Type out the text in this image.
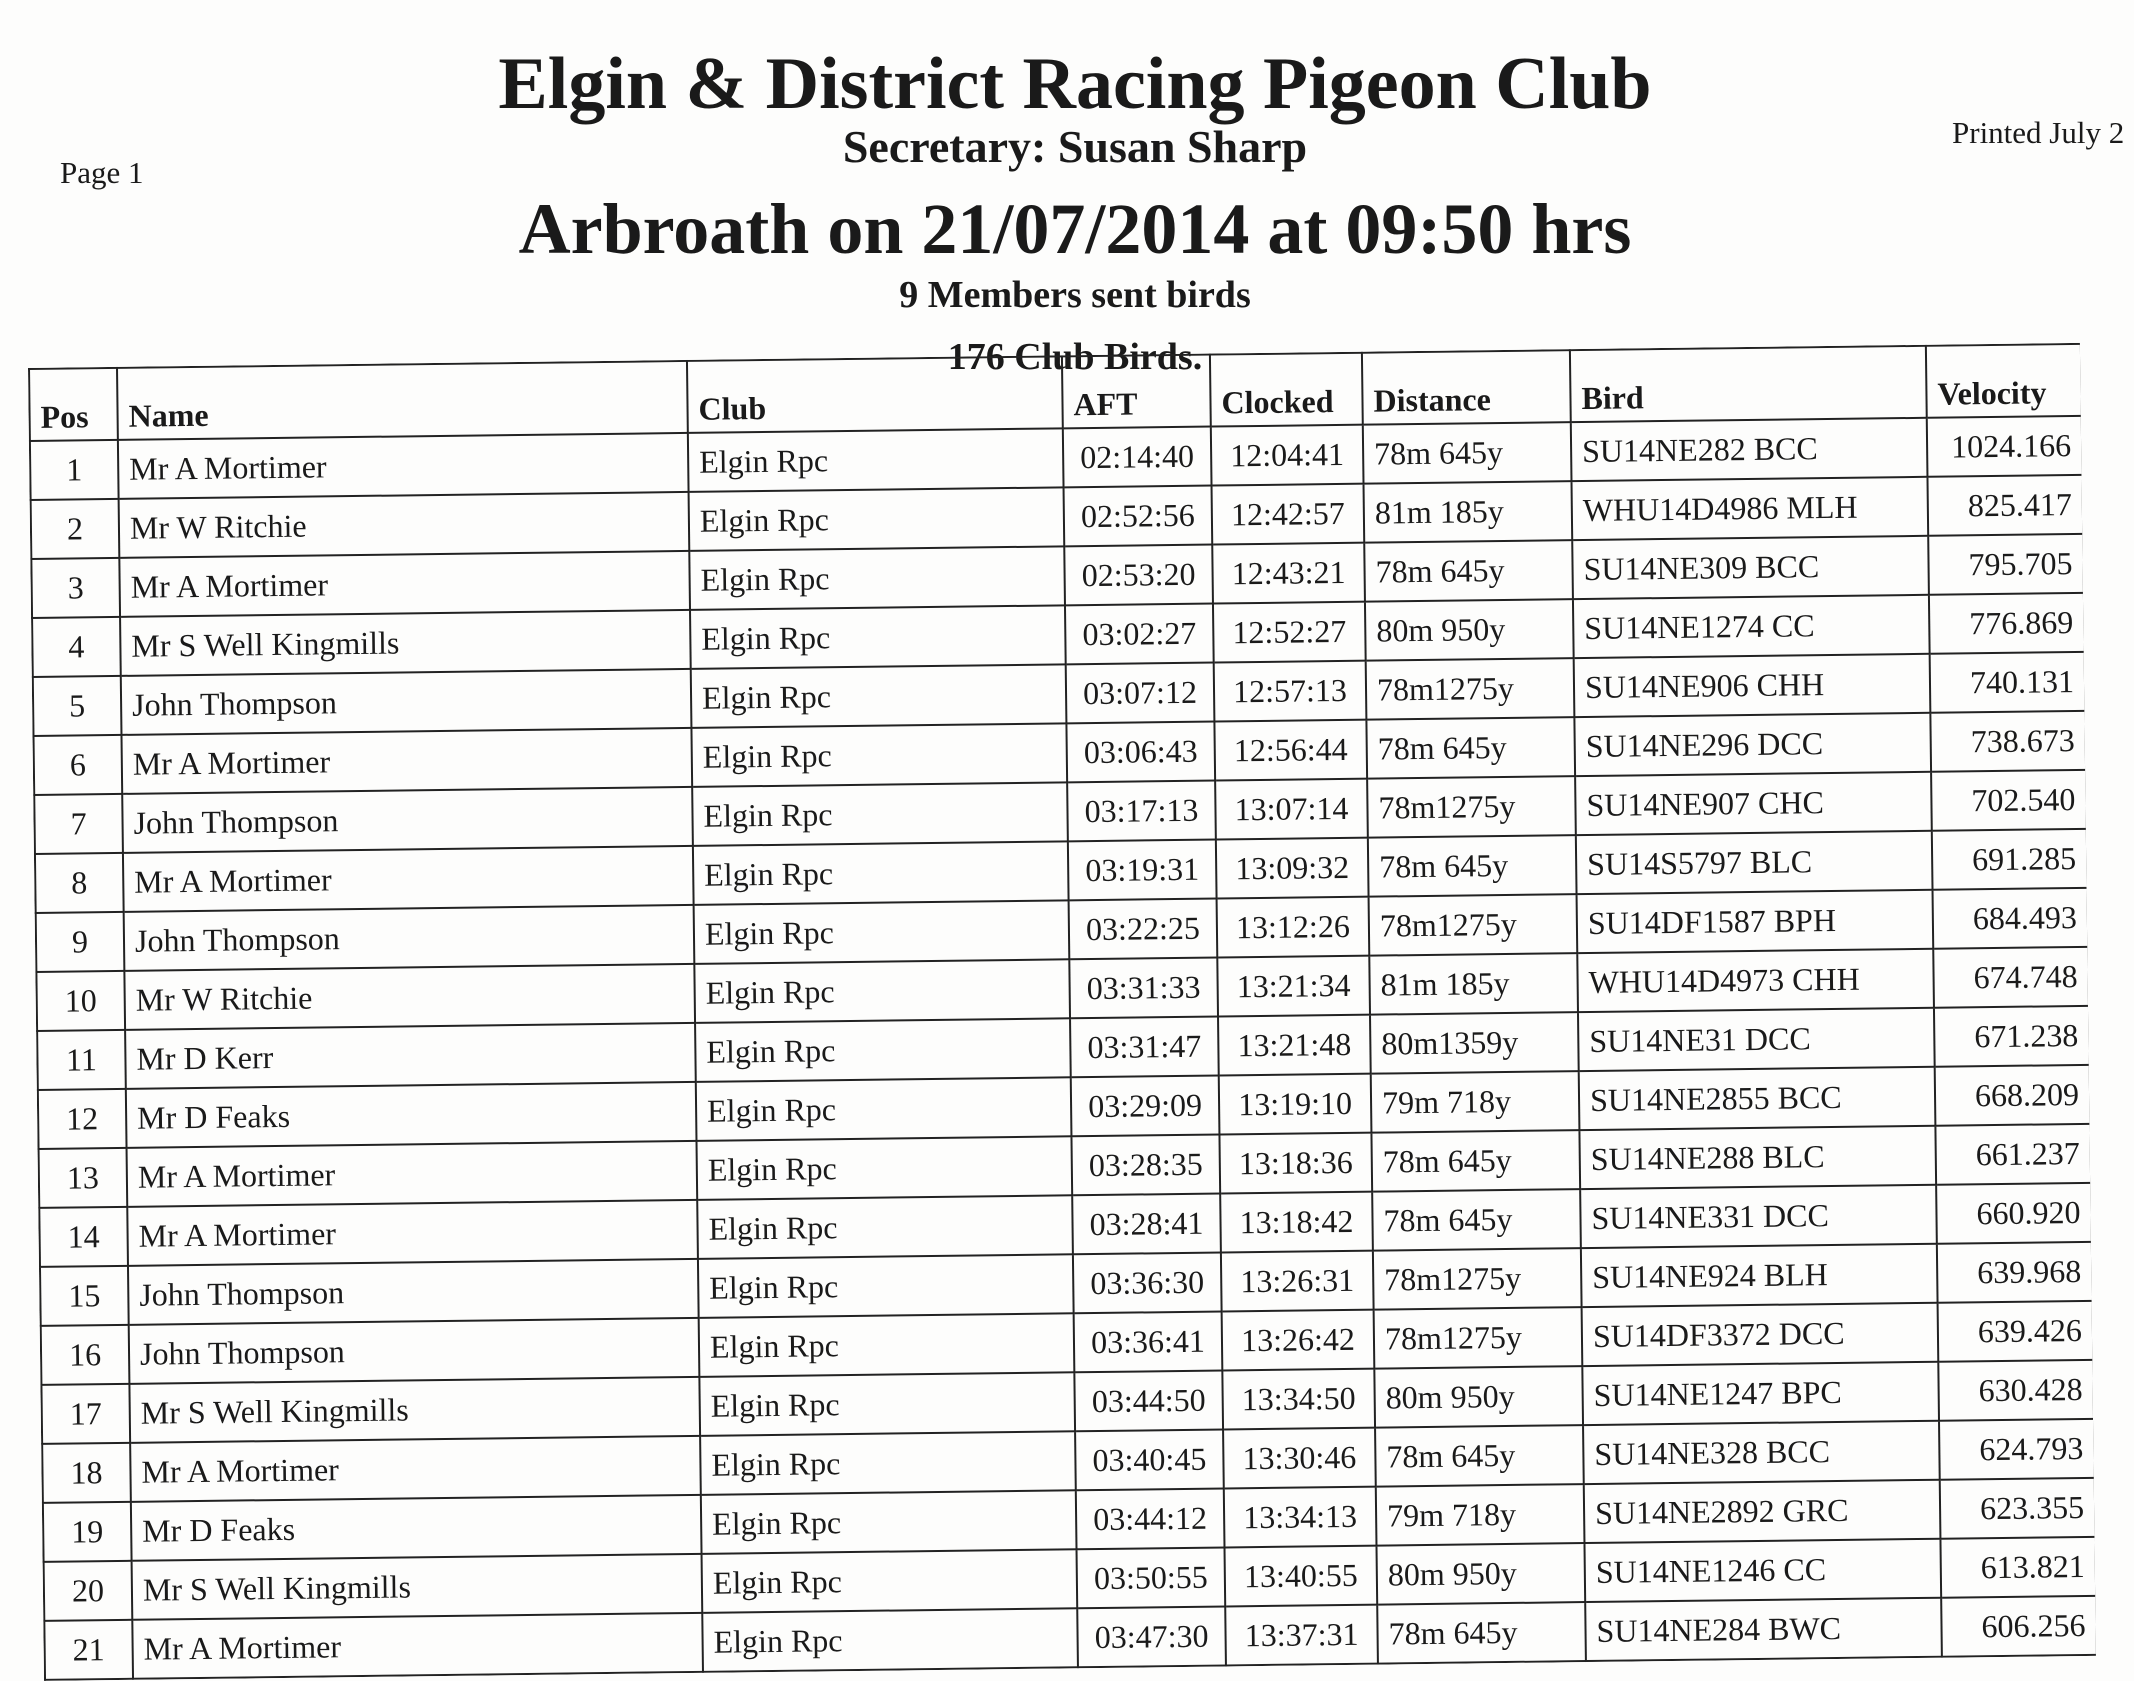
Page 1
Printed July 2
Elgin & District Racing Pigeon Club
Secretary: Susan Sharp
Arbroath on 21/07/2014 at 09:50 hrs
9 Members sent birds
176 Club Birds.
Pos	Name	Club	AFT	Clocked	Distance	Bird	Velocity
1	Mr A Mortimer	Elgin Rpc	02:14:40	12:04:41	78m 645y	SU14NE282 BCC	1024.166
2	Mr W Ritchie	Elgin Rpc	02:52:56	12:42:57	81m 185y	WHU14D4986 MLH	825.417
3	Mr A Mortimer	Elgin Rpc	02:53:20	12:43:21	78m 645y	SU14NE309 BCC	795.705
4	Mr S Well Kingmills	Elgin Rpc	03:02:27	12:52:27	80m 950y	SU14NE1274 CC	776.869
5	John Thompson	Elgin Rpc	03:07:12	12:57:13	78m1275y	SU14NE906 CHH	740.131
6	Mr A Mortimer	Elgin Rpc	03:06:43	12:56:44	78m 645y	SU14NE296 DCC	738.673
7	John Thompson	Elgin Rpc	03:17:13	13:07:14	78m1275y	SU14NE907 CHC	702.540
8	Mr A Mortimer	Elgin Rpc	03:19:31	13:09:32	78m 645y	SU14S5797 BLC	691.285
9	John Thompson	Elgin Rpc	03:22:25	13:12:26	78m1275y	SU14DF1587 BPH	684.493
10	Mr W Ritchie	Elgin Rpc	03:31:33	13:21:34	81m 185y	WHU14D4973 CHH	674.748
11	Mr D Kerr	Elgin Rpc	03:31:47	13:21:48	80m1359y	SU14NE31 DCC	671.238
12	Mr D Feaks	Elgin Rpc	03:29:09	13:19:10	79m 718y	SU14NE2855 BCC	668.209
13	Mr A Mortimer	Elgin Rpc	03:28:35	13:18:36	78m 645y	SU14NE288 BLC	661.237
14	Mr A Mortimer	Elgin Rpc	03:28:41	13:18:42	78m 645y	SU14NE331 DCC	660.920
15	John Thompson	Elgin Rpc	03:36:30	13:26:31	78m1275y	SU14NE924 BLH	639.968
16	John Thompson	Elgin Rpc	03:36:41	13:26:42	78m1275y	SU14DF3372 DCC	639.426
17	Mr S Well Kingmills	Elgin Rpc	03:44:50	13:34:50	80m 950y	SU14NE1247 BPC	630.428
18	Mr A Mortimer	Elgin Rpc	03:40:45	13:30:46	78m 645y	SU14NE328 BCC	624.793
19	Mr D Feaks	Elgin Rpc	03:44:12	13:34:13	79m 718y	SU14NE2892 GRC	623.355
20	Mr S Well Kingmills	Elgin Rpc	03:50:55	13:40:55	80m 950y	SU14NE1246 CC	613.821
21	Mr A Mortimer	Elgin Rpc	03:47:30	13:37:31	78m 645y	SU14NE284 BWC	606.256
